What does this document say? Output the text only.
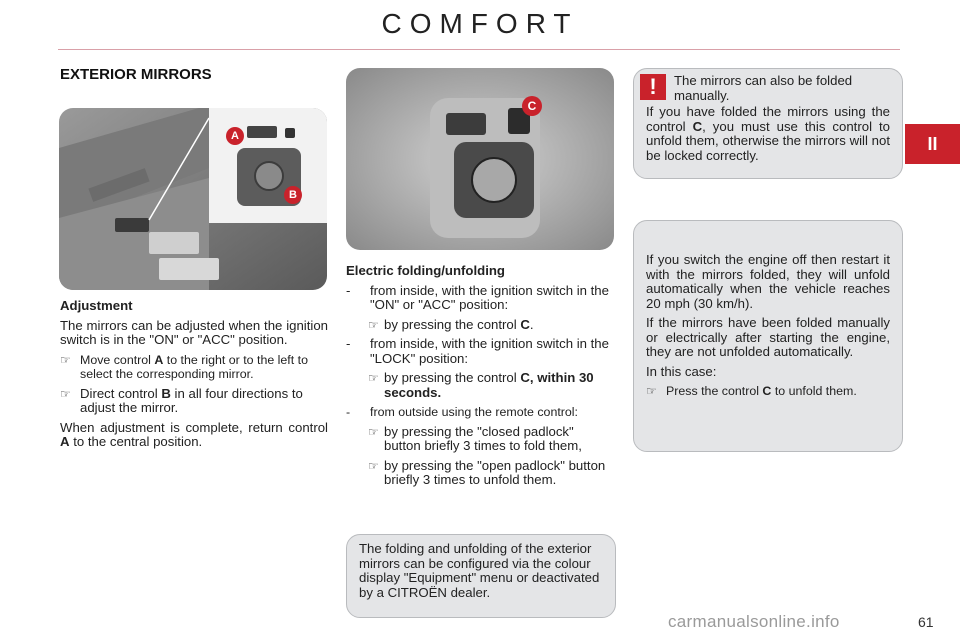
COMFORT
II
EXTERIOR MIRRORS
A
B
C

Adjustment

The mirrors can be adjusted when the ignition switch is in the "ON" or "ACC" position.

☞ Move control A to the right or to the left to select the corresponding mirror.

☞ Direct control B in all four directions to adjust the mirror.

When adjustment is complete, return control A to the central position.

Electric folding/unfolding

- from inside, with the ignition switch in the "ON" or "ACC" position:

☞ by pressing the control C.

- from inside, with the ignition switch in the "LOCK" position:

☞ by pressing the control C, within 30 seconds.

- from outside using the remote control:

☞ by pressing the "closed padlock" button briefly 3 times to fold them,

☞ by pressing the "open padlock" button briefly 3 times to unfold them.

The folding and unfolding of the exterior mirrors can be configured via the colour display "Equipment" menu or deactivated by a CITROËN dealer.
The mirrors can also be folded manually.
If you have folded the mirrors using the control C, you must use this control to unfold them, otherwise the mirrors will not be locked correctly.
!

If you switch the engine off then restart it with the mirrors folded, they will unfold automatically when the vehicle reaches 20 mph (30 km/h).

If the mirrors have been folded manually or electrically after starting the engine, they are not unfolded automatically.

In this case:

☞ Press the control C to unfold them.

carmanualsonline.info	61
